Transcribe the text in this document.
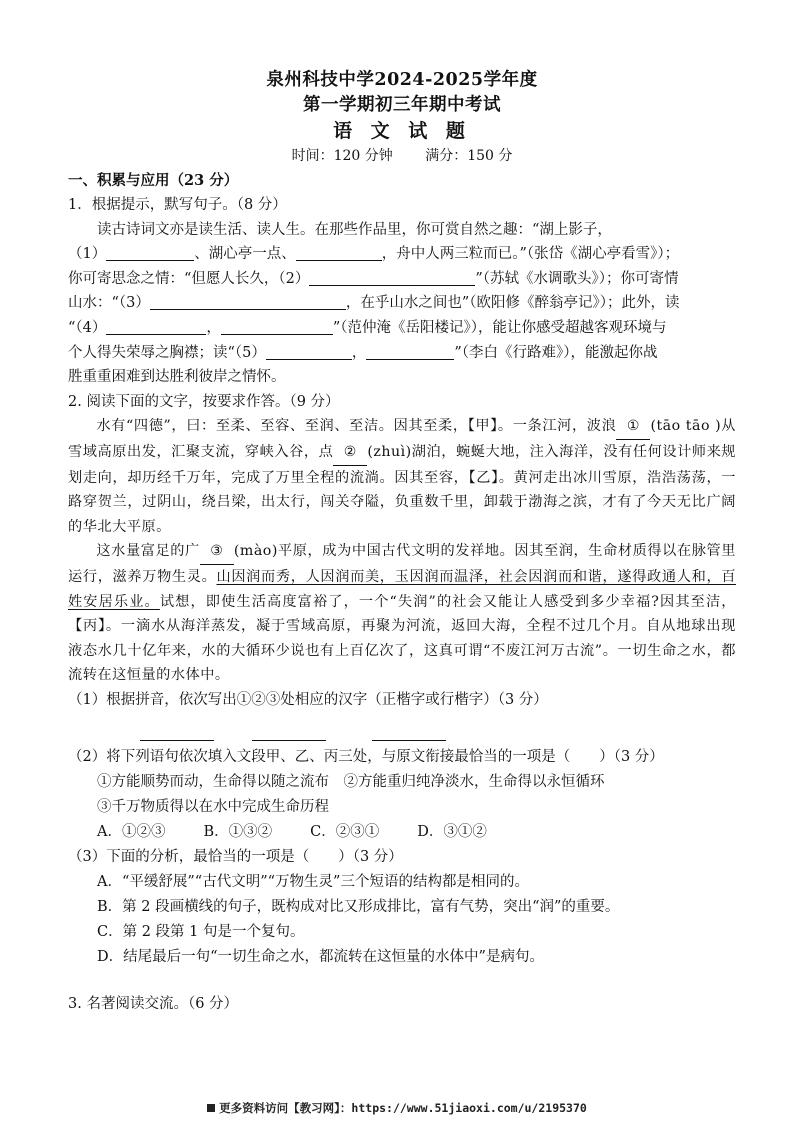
泉州科技中学2024-2025学年度
第一学期初三年期中考试
语 文 试 题
时间：120 分钟 满分：150 分
一、积累与应用（23 分）
1．根据提示，默写句子。（8 分）
读古诗词文亦是读生活、读人生。在那些作品里，你可赏自然之趣：“湖上影子，
（1）	、湖心亭一点、	，舟中人两三粒而已。”（张岱《湖心亭看雪》）；
你可寄思念之情：“但愿人长久，（2）	”（苏轼《水调歌头》）；你可寄情
山水：“（3）	，在乎山水之间也”（欧阳修《醉翁亭记》）；此外，读
“（4）	，	”（范仲淹《岳阳楼记》），能让你感受超越客观环境与
个人得失荣辱之胸襟；读“（5）	，	”（李白《行路难》），能激起你战
胜重重困难到达胜利彼岸之情怀。
2. 阅读下面的文字，按要求作答。（9 分）
水有“四德”，曰：至柔、至容、至润、至洁。因其至柔，【甲】。一条江河，波浪 ① (tāo tāo )从雪域高原出发，汇聚支流，穿峡入谷，点 ② (zhuì)湖泊，蜿蜒大地，注入海洋，没有任何设计师来规划走向，却历经千万年，完成了万里全程的流淌。因其至容，【乙】。黄河走出冰川雪原，浩浩荡荡，一路穿贺兰，过阴山，绕吕梁，出太行，闯关夺隘，负重数千里，卸载于渤海之滨，才有了今天无比广阔的华北大平原。
这水量富足的广 ③ (mào)平原，成为中国古代文明的发祥地。因其至润，生命材质得以在脉管里运行，滋养万物生灵。山因润而秀，人因润而美，玉因润而温泽，社会因润而和谐，遂得政通人和，百姓安居乐业。试想，即使生活高度富裕了，一个“失润”的社会又能让人感受到多少幸福?因其至洁，【丙】。一滴水从海洋蒸发，凝于雪域高原，再聚为河流，返回大海，全程不过几个月。自从地球出现液态水几十亿年来，水的大循环少说也有上百亿次了，这真可谓“不废江河万古流”。一切生命之水，都流转在这恒量的水体中。
（1）根据拼音，依次写出①②③处相应的汉字（正楷字或行楷字）（3 分）
（2）将下列语句依次填入文段甲、乙、丙三处，与原文衔接最恰当的一项是（　　）（3 分）
①方能顺势而动，生命得以随之流布　②方能重归纯净淡水，生命得以永恒循环
③千万物质得以在水中完成生命历程
A．①②③	B．①③②	C．②③①	D．③①②
（3）下面的分析，最恰当的一项是（　　）（3 分）
A．“平缓舒展”“古代文明”“万物生灵”三个短语的结构都是相同的。
B．第 2 段画横线的句子，既构成对比又形成排比，富有气势，突出“润”的重要。
C．第 2 段第 1 句是一个复句。
D．结尾最后一句“一切生命之水，都流转在这恒量的水体中”是病句。
3. 名著阅读交流。（6 分）
更多资料访问【教习网】：https://www.51jiaoxi.com/u/2195370
